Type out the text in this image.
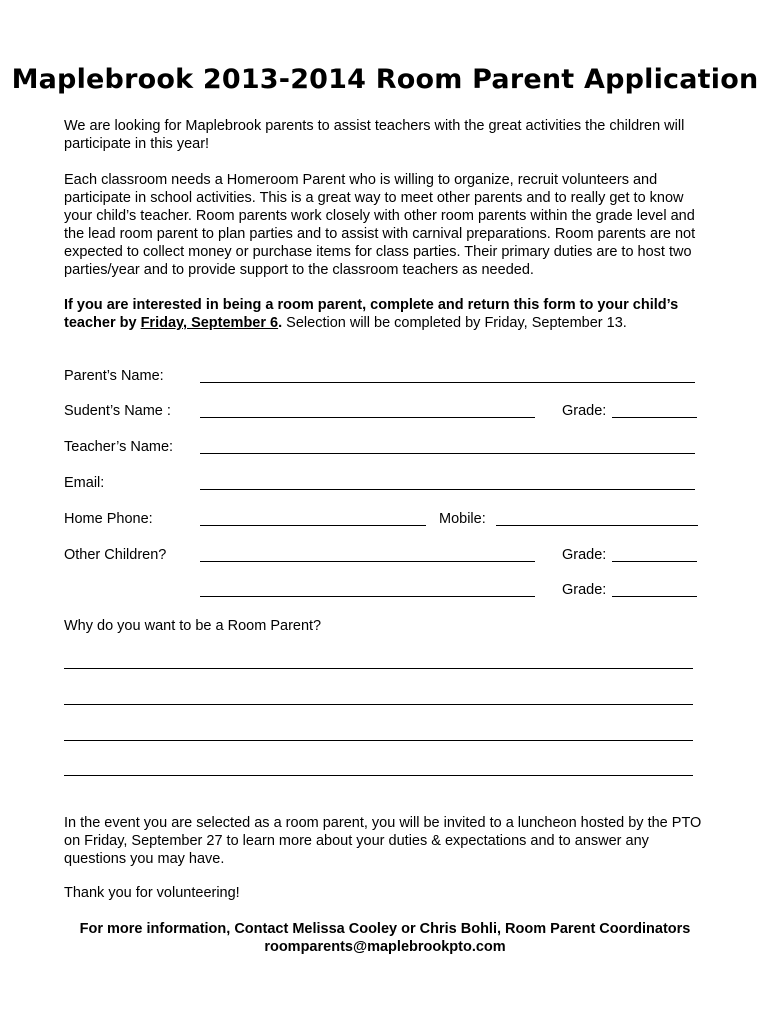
Maplebrook 2013-2014 Room Parent Application
We are looking for Maplebrook parents to assist teachers with the great activities the children will participate in this year!
Each classroom needs a Homeroom Parent who is willing to organize, recruit volunteers and participate in school activities. This is a great way to meet other parents and to really get to know your child’s teacher. Room parents work closely with other room parents within the grade level and the lead room parent to plan parties and to assist with carnival preparations. Room parents are not expected to collect money or purchase items for class parties. Their primary duties are to host two parties/year and to provide support to the classroom teachers as needed.
If you are interested in being a room parent, complete and return this form to your child’s teacher by Friday, September 6. Selection will be completed by Friday, September 13.
Parent’s Name:
Sudent’s Name :	Grade:
Teacher’s Name:
Email:
Home Phone:	Mobile:
Other Children?	Grade:
Grade:
Why do you want to be a Room Parent?
In the event you are selected as a room parent, you will be invited to a luncheon hosted by the PTO on Friday, September 27 to learn more about your duties & expectations and to answer any questions you may have.
Thank you for volunteering!
For more information, Contact Melissa Cooley or Chris Bohli, Room Parent Coordinators
roomparents@maplebrookpto.com
